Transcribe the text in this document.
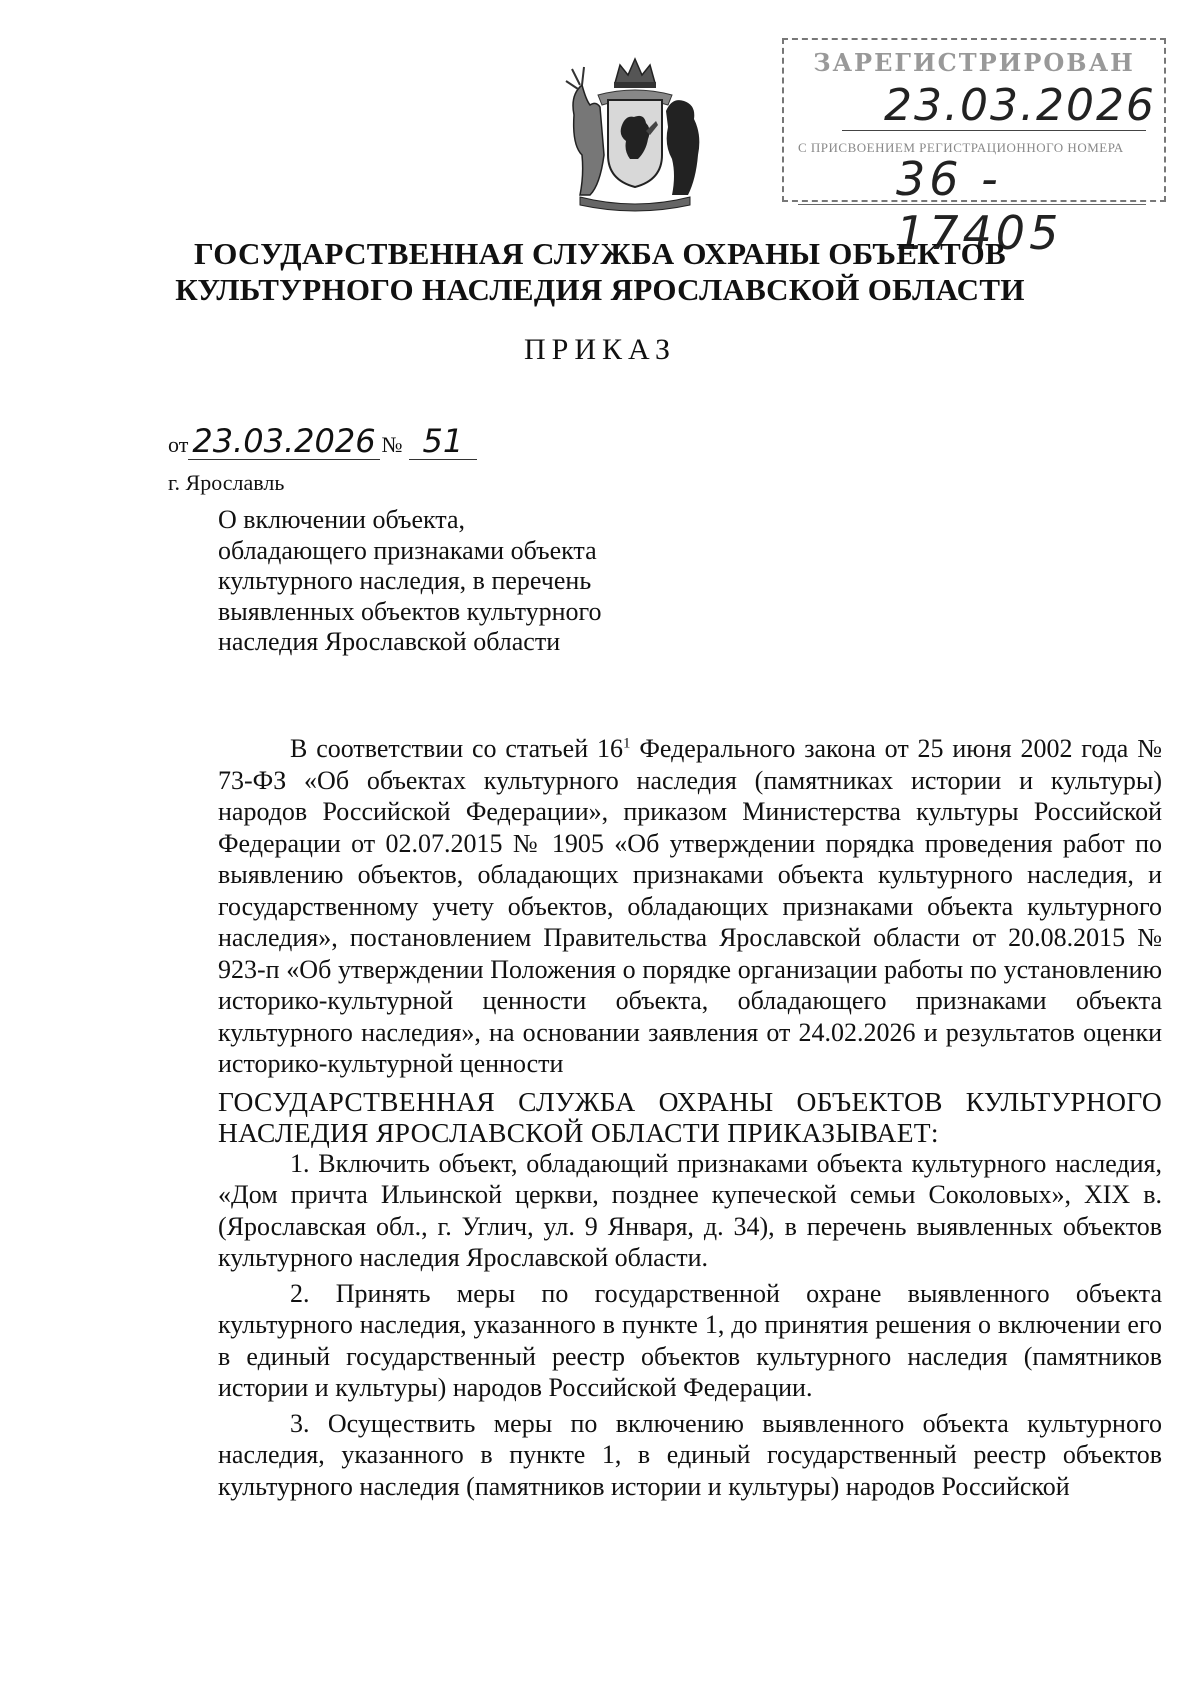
ЗАРЕГИСТРИРОВАН
23.03.2026
С ПРИСВОЕНИЕМ РЕГИСТРАЦИОННОГО НОМЕРА
36 - 17405
ГОСУДАРСТВЕННАЯ СЛУЖБА ОХРАНЫ ОБЪЕКТОВ
КУЛЬТУРНОГО НАСЛЕДИЯ ЯРОСЛАВСКОЙ ОБЛАСТИ
ПРИКАЗ
от 23.03.2026 № 51
г. Ярославль
О включении объекта,
обладающего признаками объекта
культурного наследия, в перечень
выявленных объектов культурного
наследия Ярославской области

В соответствии со статьей $16^1$ Федерального закона от 25 июня 2002 года № 73-ФЗ «Об объектах культурного наследия (памятниках истории и культуры) народов Российской Федерации», приказом Министерства культуры Российской Федерации от 02.07.2015 № 1905 «Об утверждении порядка проведения работ по выявлению объектов, обладающих признаками объекта культурного наследия, и государственному учету объектов, обладающих признаками объекта культурного наследия», постановлением Правительства Ярославской области от 20.08.2015 № 923-п «Об утверждении Положения о порядке организации работы по установлению историко-культурной ценности объекта, обладающего признаками объекта культурного наследия», на основании заявления от 24.02.2026 и результатов оценки историко-культурной ценности

ГОСУДАРСТВЕННАЯ СЛУЖБА ОХРАНЫ ОБЪЕКТОВ КУЛЬТУРНОГО НАСЛЕДИЯ ЯРОСЛАВСКОЙ ОБЛАСТИ ПРИКАЗЫВАЕТ:

1. Включить объект, обладающий признаками объекта культурного наследия, «Дом причта Ильинской церкви, позднее купеческой семьи Соколовых», XIX в. (Ярославская обл., г. Углич, ул. 9 Января, д. 34), в перечень выявленных объектов культурного наследия Ярославской области.

2. Принять меры по государственной охране выявленного объекта культурного наследия, указанного в пункте 1, до принятия решения о включении его в единый государственный реестр объектов культурного наследия (памятников истории и культуры) народов Российской Федерации.

3. Осуществить меры по включению выявленного объекта культурного наследия, указанного в пункте 1, в единый государственный реестр объектов культурного наследия (памятников истории и культуры) народов Российской
